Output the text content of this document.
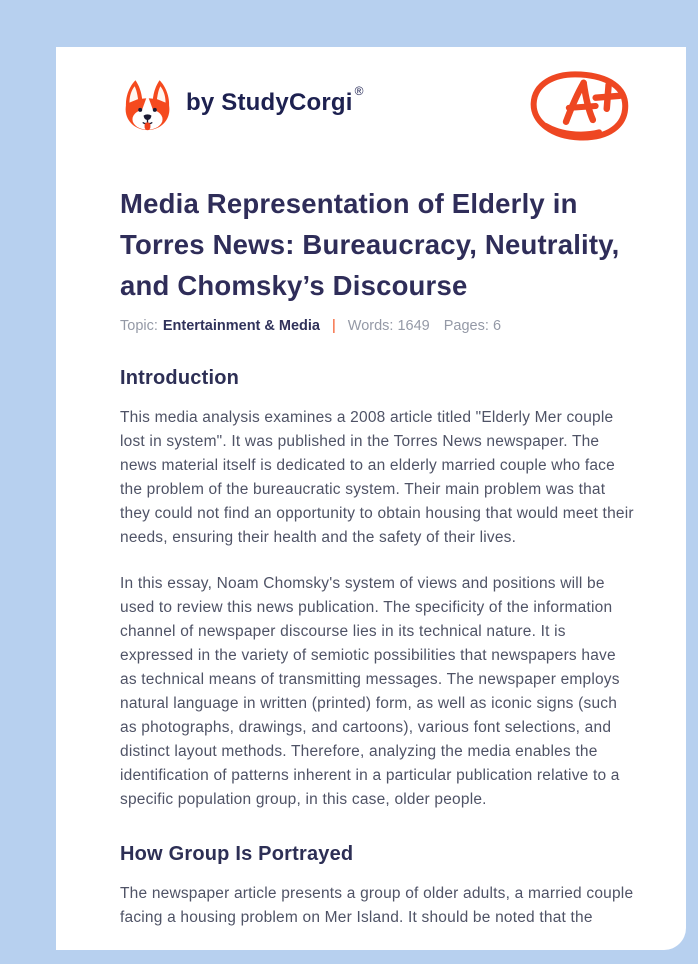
by StudyCorgi ®
Media Representation of Elderly in Torres News: Bureaucracy, Neutrality, and Chomsky’s Discourse
Topic: Entertainment & Media | Words: 1649 Pages: 6
Introduction

This media analysis examines a 2008 article titled "Elderly Mer couple lost in system". It was published in the Torres News newspaper. The news material itself is dedicated to an elderly married couple who face the problem of the bureaucratic system. Their main problem was that they could not find an opportunity to obtain housing that would meet their needs, ensuring their health and the safety of their lives.

In this essay, Noam Chomsky's system of views and positions will be used to review this news publication. The specificity of the information channel of newspaper discourse lies in its technical nature. It is expressed in the variety of semiotic possibilities that newspapers have as technical means of transmitting messages. The newspaper employs natural language in written (printed) form, as well as iconic signs (such as photographs, drawings, and cartoons), various font selections, and distinct layout methods. Therefore, analyzing the media enables the identification of patterns inherent in a particular publication relative to a specific population group, in this case, older people.

How Group Is Portrayed

The newspaper article presents a group of older adults, a married couple facing a housing problem on Mer Island. It should be noted that the
